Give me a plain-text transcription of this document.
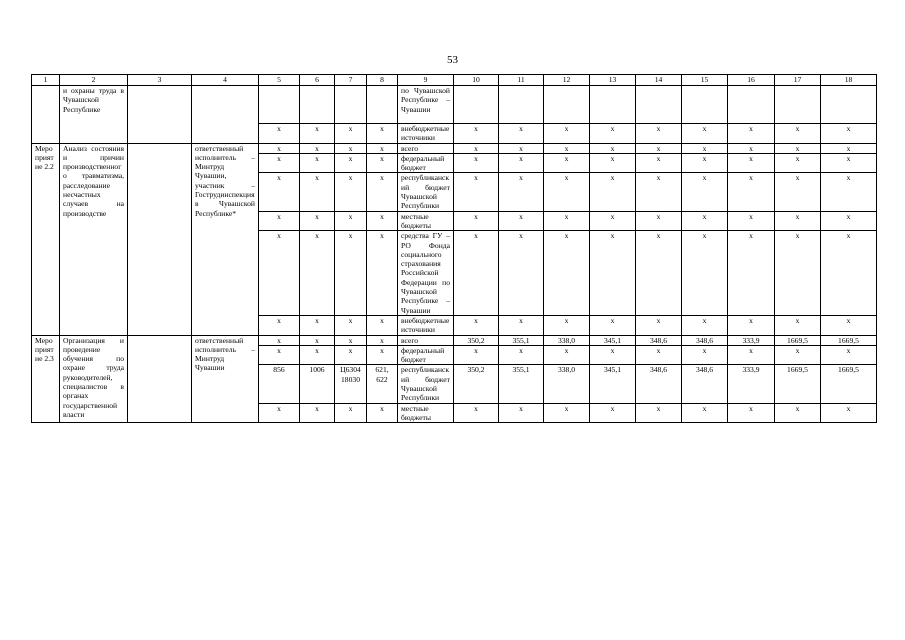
53
1	2	3	4	5	6	7	8	9	10	11	12	13	14	15	16	17	18
	и охраны труда в Чувашской Республике							по Чувашской Республике – Чувашии									
				x	x	x	x	внебюджетные источники	x	x	x	x	x	x	x	x	x
Мероприятие 2.2	Анализ состояния и причин производственного травматизма, расследование несчастных случаев на производстве		ответственный исполнитель – Минтруд Чувашии, участник – Гострудинспекция в Чувашской Республике*	x	x	x	x	всего	x	x	x	x	x	x	x	x	x
				x	x	x	x	федеральный бюджет	x	x	x	x	x	x	x	x	x
				x	x	x	x	республиканский бюджет Чувашской Республики	x	x	x	x	x	x	x	x	x
				x	x	x	x	местные бюджеты	x	x	x	x	x	x	x	x	x
				x	x	x	x	средства ГУ – РО Фонда социального страхования Российской Федерации по Чувашской Республике – Чувашии	x	x	x	x	x	x	x	x	x
				x	x	x	x	внебюджетные источники	x	x	x	x	x	x	x	x	x
Мероприятие 2.3	Организация и проведение обучения по охране труда руководителей, специалистов в органах государственной власти		ответственный исполнитель – Минтруд Чувашии	x	x	x	x	всего	350,2	355,1	338,0	345,1	348,6	348,6	333,9	1669,5	1669,5
				x	x	x	x	федеральный бюджет	x	x	x	x	x	x	x	x	x
				856	1006	Ц6304 18030	621, 622	республиканский бюджет Чувашской Республики	350,2	355,1	338,0	345,1	348,6	348,6	333,9	1669,5	1669,5
				x	x	x	x	местные бюджеты	x	x	x	x	x	x	x	x	x
